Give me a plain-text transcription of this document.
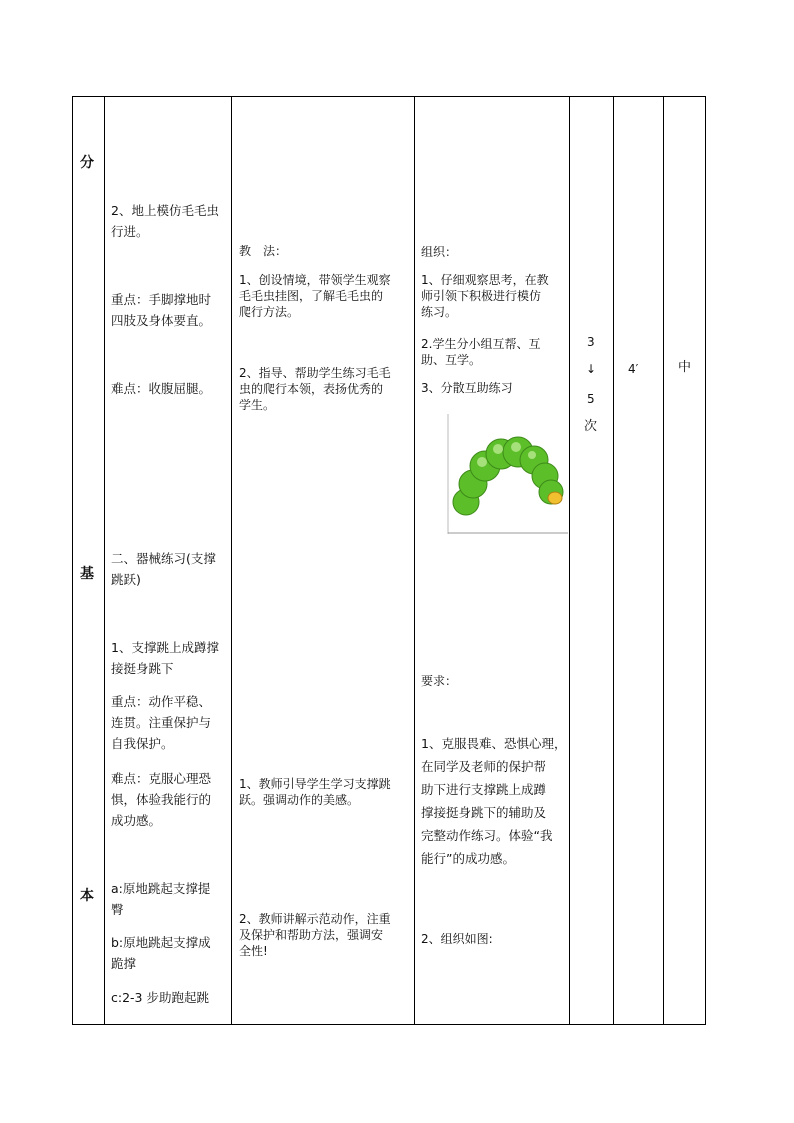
分
基
本
2、地上模仿毛毛虫
行进。
重点：手脚撑地时
四肢及身体要直。
难点：收腹屈腿。
二、器械练习(支撑
跳跃)
1、支撑跳上成蹲撑
接挺身跳下
重点：动作平稳、
连贯。注重保护与
自我保护。
难点：克服心理恐
惧，体验我能行的
成功感。
a:原地跳起支撑提
臀
b:原地跳起支撑成
跪撑
c:2-3 步助跑起跳
教　法：
1、创设情境，带领学生观察
毛毛虫挂图，了解毛毛虫的
爬行方法。
2、指导、帮助学生练习毛毛
虫的爬行本领，表扬优秀的
学生。
1、教师引导学生学习支撑跳
跃。强调动作的美感。
2、教师讲解示范动作，注重
及保护和帮助方法，强调安
全性!
组织：
1、仔细观察思考，在教
师引领下积极进行模仿
练习。
2.学生分小组互帮、互
助、互学。
3、分散互助练习
要求：
1、克服畏难、恐惧心理，
在同学及老师的保护帮
助下进行支撑跳上成蹲
撑接挺身跳下的辅助及
完整动作练习。体验“我
能行”的成功感。
2、组织如图:
3
↓
5
次
4′	中
